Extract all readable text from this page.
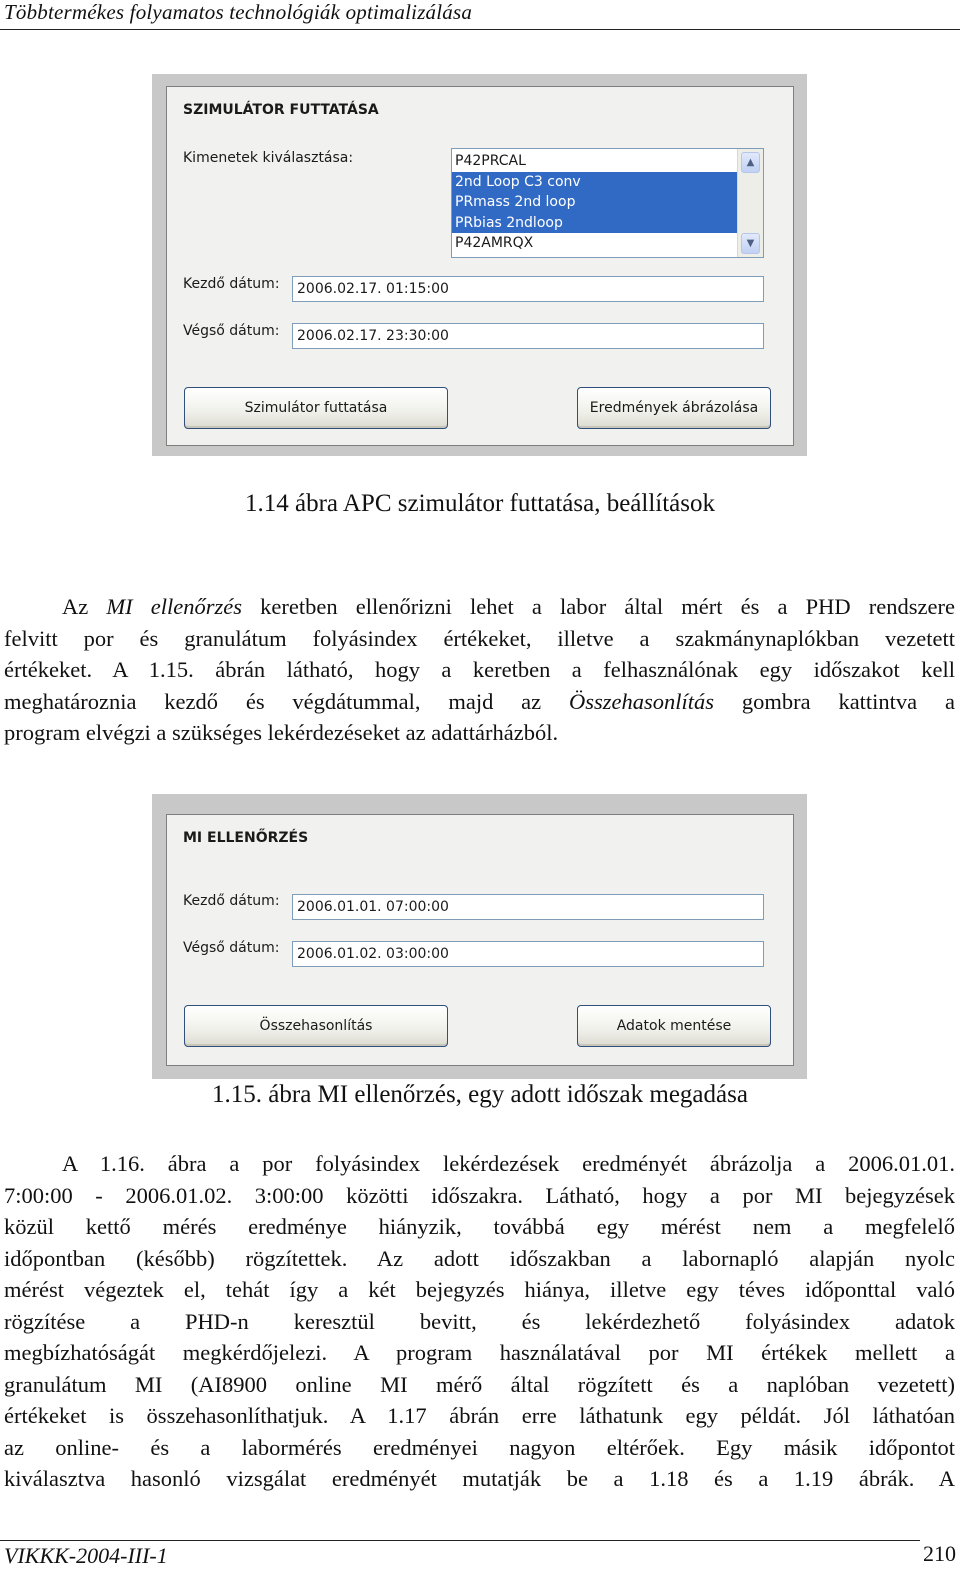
Többtermékes folyamatos technológiák optimalizálása
SZIMULÁTOR FUTTATÁSA
Kimenetek kiválasztása:	P42PRCAL
2nd Loop C3 conv
PRmass 2nd loop
PRbias 2ndloop
P42AMRQX
▲
▼
Kezdő dátum:	2006.02.17. 01:15:00
Végső dátum:	2006.02.17. 23:30:00
Szimulátor futtatása	Eredmények ábrázolása
1.14 ábra APC szimulátor futtatása, beállítások
Az MI ellenőrzés keretben ellenőrizni lehet a labor által mért és a PHD rendszere
felvitt por és granulátum folyásindex értékeket, illetve a szakmánynaplókban vezetett
értékeket. A 1.15. ábrán látható, hogy a keretben a felhasználónak egy időszakot kell
meghatároznia kezdő és végdátummal, majd az Összehasonlítás gombra kattintva a
program elvégzi a szükséges lekérdezéseket az adattárházból.
MI ELLENŐRZÉS
Kezdő dátum:	2006.01.01. 07:00:00
Végső dátum:	2006.01.02. 03:00:00
Összehasonlítás	Adatok mentése
1.15. ábra MI ellenőrzés, egy adott időszak megadása
A 1.16. ábra a por folyásindex lekérdezések eredményét ábrázolja a 2006.01.01.
7:00:00 - 2006.01.02. 3:00:00 közötti időszakra. Látható, hogy a por MI bejegyzések
közül kettő mérés eredménye hiányzik, továbbá egy mérést nem a megfelelő
időpontban (később) rögzítettek. Az adott időszakban a labornapló alapján nyolc
mérést végeztek el, tehát így a két bejegyzés hiánya, illetve egy téves időponttal való
rögzítése a PHD-n keresztül bevitt, és lekérdezhető folyásindex adatok
megbízhatóságát megkérdőjelezi. A program használatával por MI értékek mellett a
granulátum MI (AI8900 online MI mérő által rögzített és a naplóban vezetett)
értékeket is összehasonlíthatjuk. A 1.17 ábrán erre láthatunk egy példát. Jól láthatóan
az online- és a labormérés eredményei nagyon eltérőek. Egy másik időpontot
kiválasztva hasonló vizsgálat eredményét mutatják be a 1.18 és a 1.19 ábrák. A
VIKKK-2004-III-1	210
